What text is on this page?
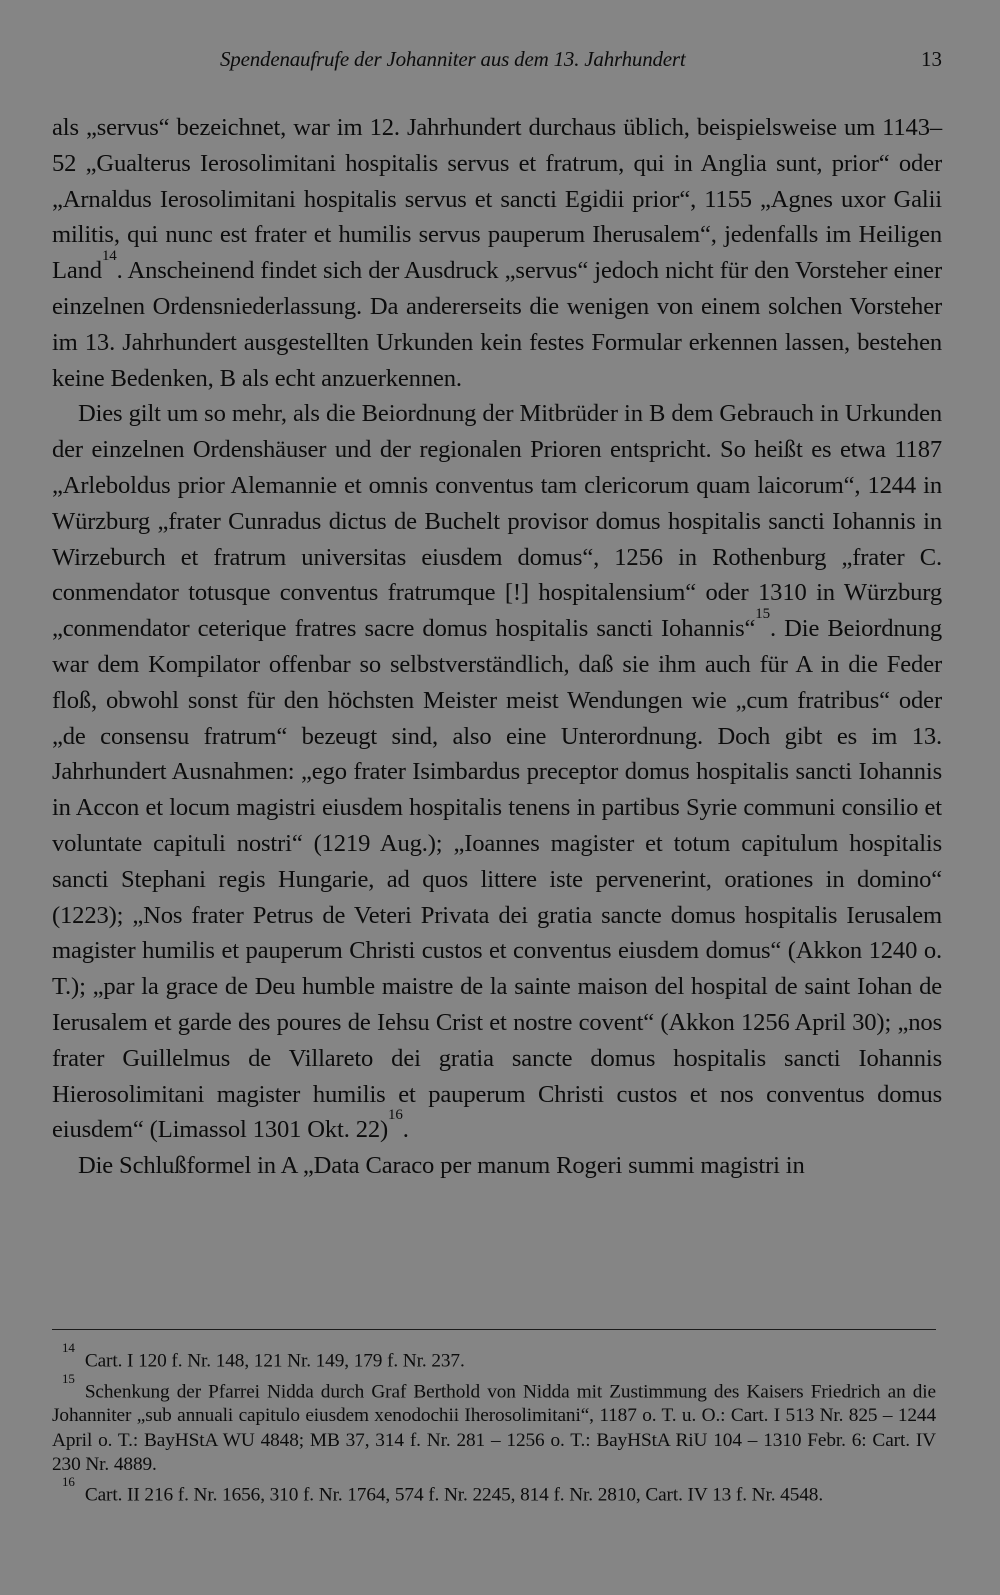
Spendenaufrufe der Johanniter aus dem 13. Jahrhundert	13

als „servus“ bezeichnet, war im 12. Jahrhundert durchaus üblich, beispielsweise um 1143–52 „Gualterus Ierosolimitani hospitalis servus et fratrum, qui in Anglia sunt, prior“ oder „Arnaldus Ierosolimitani hospitalis servus et sancti Egidii prior“, 1155 „Agnes uxor Galii militis, qui nunc est frater et humilis servus pauperum Iherusalem“, jedenfalls im Heiligen Land$^{14}$. Anscheinend findet sich der Ausdruck „servus“ jedoch nicht für den Vorsteher einer einzelnen Ordensniederlassung. Da andererseits die wenigen von einem solchen Vorsteher im 13. Jahrhundert ausgestellten Urkunden kein festes Formular erkennen lassen, bestehen keine Bedenken, B als echt anzuerkennen.

Dies gilt um so mehr, als die Beiordnung der Mitbrüder in B dem Gebrauch in Urkunden der einzelnen Ordenshäuser und der regionalen Prioren entspricht. So heißt es etwa 1187 „Arleboldus prior Alemannie et omnis conventus tam clericorum quam laicorum“, 1244 in Würzburg „frater Cunradus dictus de Buchelt provisor domus hospitalis sancti Iohannis in Wirzeburch et fratrum universitas eiusdem domus“, 1256 in Rothenburg „frater C. conmendator totusque conventus fratrumque [!] hospitalensium“ oder 1310 in Würzburg „conmendator ceterique fratres sacre domus hospitalis sancti Iohannis“$^{15}$. Die Beiordnung war dem Kompilator offenbar so selbstverständlich, daß sie ihm auch für A in die Feder floß, obwohl sonst für den höchsten Meister meist Wendungen wie „cum fratribus“ oder „de consensu fratrum“ bezeugt sind, also eine Unterordnung. Doch gibt es im 13. Jahrhundert Ausnahmen: „ego frater Isimbardus preceptor domus hospitalis sancti Iohannis in Accon et locum magistri eiusdem hospitalis tenens in partibus Syrie communi consilio et voluntate capituli nostri“ (1219 Aug.); „Ioannes magister et totum capitulum hospitalis sancti Stephani regis Hungarie, ad quos littere iste pervenerint, orationes in domino“ (1223); „Nos frater Petrus de Veteri Privata dei gratia sancte domus hospitalis Ierusalem magister humilis et pauperum Christi custos et conventus eiusdem domus“ (Akkon 1240 o. T.); „par la grace de Deu humble maistre de la sainte maison del hospital de saint Iohan de Ierusalem et garde des poures de Iehsu Crist et nostre covent“ (Akkon 1256 April 30); „nos frater Guillelmus de Villareto dei gratia sancte domus hospitalis sancti Iohannis Hierosolimitani magister humilis et pauperum Christi custos et nos conventus domus eiusdem“ (Limassol 1301 Okt. 22)$^{16}$.

Die Schlußformel in A „Data Caraco per manum Rogeri summi magistri in

$^{14}$Cart. I 120 f. Nr. 148, 121 Nr. 149, 179 f. Nr. 237.

$^{15}$Schenkung der Pfarrei Nidda durch Graf Berthold von Nidda mit Zustimmung des Kaisers Friedrich an die Johanniter „sub annuali capitulo eiusdem xenodochii Iherosolimitani“, 1187 o. T. u. O.: Cart. I 513 Nr. 825 – 1244 April o. T.: BayHStA WU 4848; MB 37, 314 f. Nr. 281 – 1256 o. T.: BayHStA RiU 104 – 1310 Febr. 6: Cart. IV 230 Nr. 4889.

$^{16}$Cart. II 216 f. Nr. 1656, 310 f. Nr. 1764, 574 f. Nr. 2245, 814 f. Nr. 2810, Cart. IV 13 f. Nr. 4548.
